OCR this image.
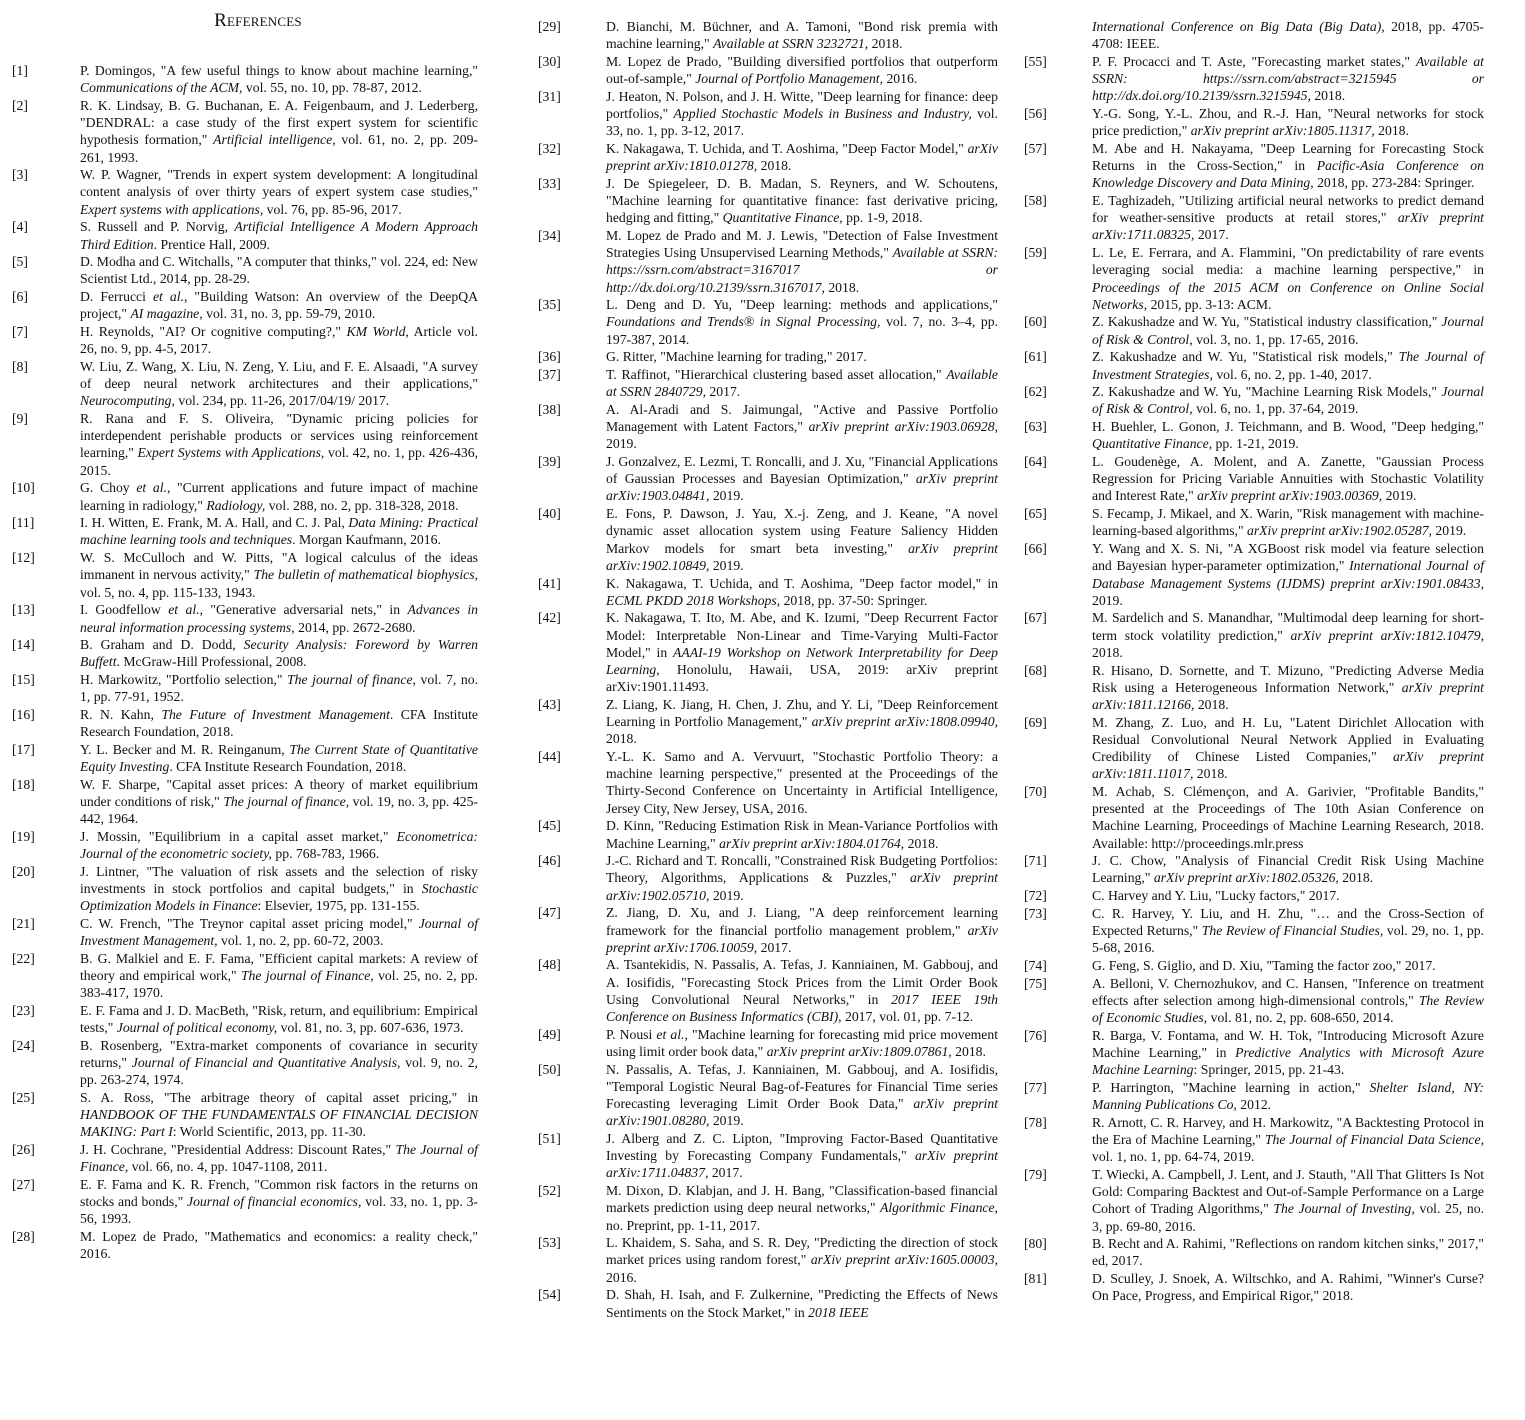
References
[1]	P. Domingos, "A few useful things to know about machine learning," Communications of the ACM, vol. 55, no. 10, pp. 78-87, 2012.
[2]	R. K. Lindsay, B. G. Buchanan, E. A. Feigenbaum, and J. Lederberg, "DENDRAL: a case study of the first expert system for scientific hypothesis formation," Artificial intelligence, vol. 61, no. 2, pp. 209-261, 1993.
[3]	W. P. Wagner, "Trends in expert system development: A longitudinal content analysis of over thirty years of expert system case studies," Expert systems with applications, vol. 76, pp. 85-96, 2017.
[4]	S. Russell and P. Norvig, Artificial Intelligence A Modern Approach Third Edition. Prentice Hall, 2009.
[5]	D. Modha and C. Witchalls, "A computer that thinks," vol. 224, ed: New Scientist Ltd., 2014, pp. 28-29.
[6]	D. Ferrucci et al., "Building Watson: An overview of the DeepQA project," AI magazine, vol. 31, no. 3, pp. 59-79, 2010.
[7]	H. Reynolds, "AI? Or cognitive computing?," KM World, Article vol. 26, no. 9, pp. 4-5, 2017.
[8]	W. Liu, Z. Wang, X. Liu, N. Zeng, Y. Liu, and F. E. Alsaadi, "A survey of deep neural network architectures and their applications," Neurocomputing, vol. 234, pp. 11-26, 2017/04/19/ 2017.
[9]	R. Rana and F. S. Oliveira, "Dynamic pricing policies for interdependent perishable products or services using reinforcement learning," Expert Systems with Applications, vol. 42, no. 1, pp. 426-436, 2015.
[10]	G. Choy et al., "Current applications and future impact of machine learning in radiology," Radiology, vol. 288, no. 2, pp. 318-328, 2018.
[11]	I. H. Witten, E. Frank, M. A. Hall, and C. J. Pal, Data Mining: Practical machine learning tools and techniques. Morgan Kaufmann, 2016.
[12]	W. S. McCulloch and W. Pitts, "A logical calculus of the ideas immanent in nervous activity," The bulletin of mathematical biophysics, vol. 5, no. 4, pp. 115-133, 1943.
[13]	I. Goodfellow et al., "Generative adversarial nets," in Advances in neural information processing systems, 2014, pp. 2672-2680.
[14]	B. Graham and D. Dodd, Security Analysis: Foreword by Warren Buffett. McGraw-Hill Professional, 2008.
[15]	H. Markowitz, "Portfolio selection," The journal of finance, vol. 7, no. 1, pp. 77-91, 1952.
[16]	R. N. Kahn, The Future of Investment Management. CFA Institute Research Foundation, 2018.
[17]	Y. L. Becker and M. R. Reinganum, The Current State of Quantitative Equity Investing. CFA Institute Research Foundation, 2018.
[18]	W. F. Sharpe, "Capital asset prices: A theory of market equilibrium under conditions of risk," The journal of finance, vol. 19, no. 3, pp. 425-442, 1964.
[19]	J. Mossin, "Equilibrium in a capital asset market," Econometrica: Journal of the econometric society, pp. 768-783, 1966.
[20]	J. Lintner, "The valuation of risk assets and the selection of risky investments in stock portfolios and capital budgets," in Stochastic Optimization Models in Finance: Elsevier, 1975, pp. 131-155.
[21]	C. W. French, "The Treynor capital asset pricing model," Journal of Investment Management, vol. 1, no. 2, pp. 60-72, 2003.
[22]	B. G. Malkiel and E. F. Fama, "Efficient capital markets: A review of theory and empirical work," The journal of Finance, vol. 25, no. 2, pp. 383-417, 1970.
[23]	E. F. Fama and J. D. MacBeth, "Risk, return, and equilibrium: Empirical tests," Journal of political economy, vol. 81, no. 3, pp. 607-636, 1973.
[24]	B. Rosenberg, "Extra-market components of covariance in security returns," Journal of Financial and Quantitative Analysis, vol. 9, no. 2, pp. 263-274, 1974.
[25]	S. A. Ross, "The arbitrage theory of capital asset pricing," in HANDBOOK OF THE FUNDAMENTALS OF FINANCIAL DECISION MAKING: Part I: World Scientific, 2013, pp. 11-30.
[26]	J. H. Cochrane, "Presidential Address: Discount Rates," The Journal of Finance, vol. 66, no. 4, pp. 1047-1108, 2011.
[27]	E. F. Fama and K. R. French, "Common risk factors in the returns on stocks and bonds," Journal of financial economics, vol. 33, no. 1, pp. 3-56, 1993.
[28]	M. Lopez de Prado, "Mathematics and economics: a reality check," 2016.
[29]	D. Bianchi, M. Büchner, and A. Tamoni, "Bond risk premia with machine learning," Available at SSRN 3232721, 2018.
[30]	M. Lopez de Prado, "Building diversified portfolios that outperform out-of-sample," Journal of Portfolio Management, 2016.
[31]	J. Heaton, N. Polson, and J. H. Witte, "Deep learning for finance: deep portfolios," Applied Stochastic Models in Business and Industry, vol. 33, no. 1, pp. 3-12, 2017.
[32]	K. Nakagawa, T. Uchida, and T. Aoshima, "Deep Factor Model," arXiv preprint arXiv:1810.01278, 2018.
[33]	J. De Spiegeleer, D. B. Madan, S. Reyners, and W. Schoutens, "Machine learning for quantitative finance: fast derivative pricing, hedging and fitting," Quantitative Finance, pp. 1-9, 2018.
[34]	M. Lopez de Prado and M. J. Lewis, "Detection of False Investment Strategies Using Unsupervised Learning Methods," Available at SSRN: https://ssrn.com/abstract=3167017 or http://dx.doi.org/10.2139/ssrn.3167017, 2018.
[35]	L. Deng and D. Yu, "Deep learning: methods and applications," Foundations and Trends® in Signal Processing, vol. 7, no. 3–4, pp. 197-387, 2014.
[36]	G. Ritter, "Machine learning for trading," 2017.
[37]	T. Raffinot, "Hierarchical clustering based asset allocation," Available at SSRN 2840729, 2017.
[38]	A. Al-Aradi and S. Jaimungal, "Active and Passive Portfolio Management with Latent Factors," arXiv preprint arXiv:1903.06928, 2019.
[39]	J. Gonzalvez, E. Lezmi, T. Roncalli, and J. Xu, "Financial Applications of Gaussian Processes and Bayesian Optimization," arXiv preprint arXiv:1903.04841, 2019.
[40]	E. Fons, P. Dawson, J. Yau, X.-j. Zeng, and J. Keane, "A novel dynamic asset allocation system using Feature Saliency Hidden Markov models for smart beta investing," arXiv preprint arXiv:1902.10849, 2019.
[41]	K. Nakagawa, T. Uchida, and T. Aoshima, "Deep factor model," in ECML PKDD 2018 Workshops, 2018, pp. 37-50: Springer.
[42]	K. Nakagawa, T. Ito, M. Abe, and K. Izumi, "Deep Recurrent Factor Model: Interpretable Non-Linear and Time-Varying Multi-Factor Model," in AAAI-19 Workshop on Network Interpretability for Deep Learning, Honolulu, Hawaii, USA, 2019: arXiv preprint arXiv:1901.11493.
[43]	Z. Liang, K. Jiang, H. Chen, J. Zhu, and Y. Li, "Deep Reinforcement Learning in Portfolio Management," arXiv preprint arXiv:1808.09940, 2018.
[44]	Y.-L. K. Samo and A. Vervuurt, "Stochastic Portfolio Theory: a machine learning perspective," presented at the Proceedings of the Thirty-Second Conference on Uncertainty in Artificial Intelligence, Jersey City, New Jersey, USA, 2016.
[45]	D. Kinn, "Reducing Estimation Risk in Mean-Variance Portfolios with Machine Learning," arXiv preprint arXiv:1804.01764, 2018.
[46]	J.-C. Richard and T. Roncalli, "Constrained Risk Budgeting Portfolios: Theory, Algorithms, Applications & Puzzles," arXiv preprint arXiv:1902.05710, 2019.
[47]	Z. Jiang, D. Xu, and J. Liang, "A deep reinforcement learning framework for the financial portfolio management problem," arXiv preprint arXiv:1706.10059, 2017.
[48]	A. Tsantekidis, N. Passalis, A. Tefas, J. Kanniainen, M. Gabbouj, and A. Iosifidis, "Forecasting Stock Prices from the Limit Order Book Using Convolutional Neural Networks," in 2017 IEEE 19th Conference on Business Informatics (CBI), 2017, vol. 01, pp. 7-12.
[49]	P. Nousi et al., "Machine learning for forecasting mid price movement using limit order book data," arXiv preprint arXiv:1809.07861, 2018.
[50]	N. Passalis, A. Tefas, J. Kanniainen, M. Gabbouj, and A. Iosifidis, "Temporal Logistic Neural Bag-of-Features for Financial Time series Forecasting leveraging Limit Order Book Data," arXiv preprint arXiv:1901.08280, 2019.
[51]	J. Alberg and Z. C. Lipton, "Improving Factor-Based Quantitative Investing by Forecasting Company Fundamentals," arXiv preprint arXiv:1711.04837, 2017.
[52]	M. Dixon, D. Klabjan, and J. H. Bang, "Classification-based financial markets prediction using deep neural networks," Algorithmic Finance, no. Preprint, pp. 1-11, 2017.
[53]	L. Khaidem, S. Saha, and S. R. Dey, "Predicting the direction of stock market prices using random forest," arXiv preprint arXiv:1605.00003, 2016.
[54]	D. Shah, H. Isah, and F. Zulkernine, "Predicting the Effects of News Sentiments on the Stock Market," in 2018 IEEE
International Conference on Big Data (Big Data), 2018, pp. 4705-4708: IEEE.
[55]	P. F. Procacci and T. Aste, "Forecasting market states," Available at SSRN: https://ssrn.com/abstract=3215945 or http://dx.doi.org/10.2139/ssrn.3215945, 2018.
[56]	Y.-G. Song, Y.-L. Zhou, and R.-J. Han, "Neural networks for stock price prediction," arXiv preprint arXiv:1805.11317, 2018.
[57]	M. Abe and H. Nakayama, "Deep Learning for Forecasting Stock Returns in the Cross-Section," in Pacific-Asia Conference on Knowledge Discovery and Data Mining, 2018, pp. 273-284: Springer.
[58]	E. Taghizadeh, "Utilizing artificial neural networks to predict demand for weather-sensitive products at retail stores," arXiv preprint arXiv:1711.08325, 2017.
[59]	L. Le, E. Ferrara, and A. Flammini, "On predictability of rare events leveraging social media: a machine learning perspective," in Proceedings of the 2015 ACM on Conference on Online Social Networks, 2015, pp. 3-13: ACM.
[60]	Z. Kakushadze and W. Yu, "Statistical industry classification," Journal of Risk & Control, vol. 3, no. 1, pp. 17-65, 2016.
[61]	Z. Kakushadze and W. Yu, "Statistical risk models," The Journal of Investment Strategies, vol. 6, no. 2, pp. 1-40, 2017.
[62]	Z. Kakushadze and W. Yu, "Machine Learning Risk Models," Journal of Risk & Control, vol. 6, no. 1, pp. 37-64, 2019.
[63]	H. Buehler, L. Gonon, J. Teichmann, and B. Wood, "Deep hedging," Quantitative Finance, pp. 1-21, 2019.
[64]	L. Goudenège, A. Molent, and A. Zanette, "Gaussian Process Regression for Pricing Variable Annuities with Stochastic Volatility and Interest Rate," arXiv preprint arXiv:1903.00369, 2019.
[65]	S. Fecamp, J. Mikael, and X. Warin, "Risk management with machine-learning-based algorithms," arXiv preprint arXiv:1902.05287, 2019.
[66]	Y. Wang and X. S. Ni, "A XGBoost risk model via feature selection and Bayesian hyper-parameter optimization," International Journal of Database Management Systems (IJDMS) preprint arXiv:1901.08433, 2019.
[67]	M. Sardelich and S. Manandhar, "Multimodal deep learning for short-term stock volatility prediction," arXiv preprint arXiv:1812.10479, 2018.
[68]	R. Hisano, D. Sornette, and T. Mizuno, "Predicting Adverse Media Risk using a Heterogeneous Information Network," arXiv preprint arXiv:1811.12166, 2018.
[69]	M. Zhang, Z. Luo, and H. Lu, "Latent Dirichlet Allocation with Residual Convolutional Neural Network Applied in Evaluating Credibility of Chinese Listed Companies," arXiv preprint arXiv:1811.11017, 2018.
[70]	M. Achab, S. Clémençon, and A. Garivier, "Profitable Bandits," presented at the Proceedings of The 10th Asian Conference on Machine Learning, Proceedings of Machine Learning Research, 2018. Available: http://proceedings.mlr.press
[71]	J. C. Chow, "Analysis of Financial Credit Risk Using Machine Learning," arXiv preprint arXiv:1802.05326, 2018.
[72]	C. Harvey and Y. Liu, "Lucky factors," 2017.
[73]	C. R. Harvey, Y. Liu, and H. Zhu, "… and the Cross-Section of Expected Returns," The Review of Financial Studies, vol. 29, no. 1, pp. 5-68, 2016.
[74]	G. Feng, S. Giglio, and D. Xiu, "Taming the factor zoo," 2017.
[75]	A. Belloni, V. Chernozhukov, and C. Hansen, "Inference on treatment effects after selection among high-dimensional controls," The Review of Economic Studies, vol. 81, no. 2, pp. 608-650, 2014.
[76]	R. Barga, V. Fontama, and W. H. Tok, "Introducing Microsoft Azure Machine Learning," in Predictive Analytics with Microsoft Azure Machine Learning: Springer, 2015, pp. 21-43.
[77]	P. Harrington, "Machine learning in action," Shelter Island, NY: Manning Publications Co, 2012.
[78]	R. Arnott, C. R. Harvey, and H. Markowitz, "A Backtesting Protocol in the Era of Machine Learning," The Journal of Financial Data Science, vol. 1, no. 1, pp. 64-74, 2019.
[79]	T. Wiecki, A. Campbell, J. Lent, and J. Stauth, "All That Glitters Is Not Gold: Comparing Backtest and Out-of-Sample Performance on a Large Cohort of Trading Algorithms," The Journal of Investing, vol. 25, no. 3, pp. 69-80, 2016.
[80]	B. Recht and A. Rahimi, "Reflections on random kitchen sinks," 2017," ed, 2017.
[81]	D. Sculley, J. Snoek, A. Wiltschko, and A. Rahimi, "Winner's Curse? On Pace, Progress, and Empirical Rigor," 2018.
